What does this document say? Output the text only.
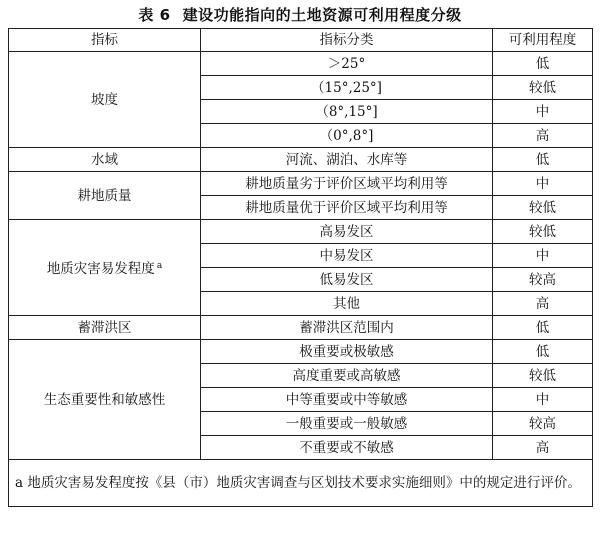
表 6 建设功能指向的土地资源可利用程度分级
指标	指标分类	可利用程度
坡度	＞25°	低
	（15°,25°]	较低
	（8°,15°]	中
	（0°,8°]	高
水域	河流、湖泊、水库等	低
耕地质量	耕地质量劣于评价区域平均利用等	中
	耕地质量优于评价区域平均利用等	较低
地质灾害易发程度 $^a$	高易发区	较低
	中易发区	中
	低易发区	较高
	其他	高
蓄滞洪区	蓄滞洪区范围内	低
生态重要性和敏感性	极重要或极敏感	低
	高度重要或高敏感	较低
	中等重要或中等敏感	中
	一般重要或一般敏感	较高
	不重要或不敏感	高
a 地质灾害易发程度按《县（市）地质灾害调查与区划技术要求实施细则》中的规定进行评价。		
